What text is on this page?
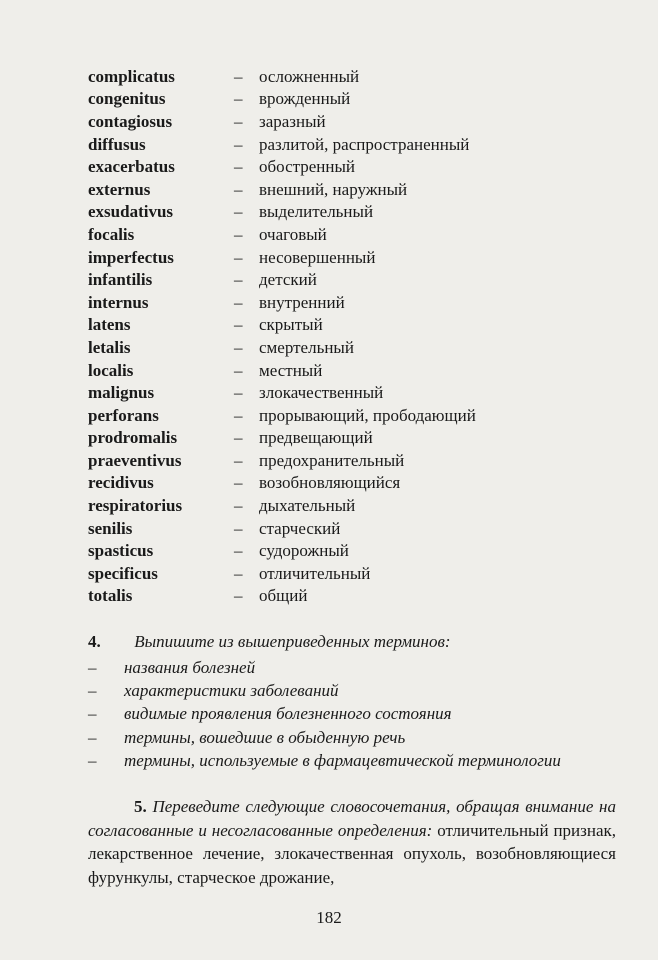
complicatus	– осложненный
congenitus	– врожденный
contagiosus	– заразный
diffusus	– разлитой, распространенный
exacerbatus	– обостренный
externus	– внешний, наружный
exsudativus	– выделительный
focalis	– очаговый
imperfectus	– несовершенный
infantilis	– детский
internus	– внутренний
latens	– скрытый
letalis	– смертельный
localis	– местный
malignus	– злокачественный
perforans	– прорывающий, прободающий
prodromalis	– предвещающий
praeventivus	– предохранительный
recidivus	– возобновляющийся
respiratorius	– дыхательный
senilis	– старческий
spasticus	– судорожный
specificus	– отличительный
totalis	– общий
4. Выпишите из вышеприведенных терминов:
–	названия болезней
–	характеристики заболеваний
–	видимые проявления болезненного состояния
–	термины, вошедшие в обыденную речь
–	термины, используемые в фармацевтической терминологии
5. Переведите следующие словосочетания, обращая внимание на согласованные и несогласованные определения: отличительный признак, лекарственное лечение, злокачественная опухоль, возобновляющиеся фурункулы, старческое дрожание,
182
